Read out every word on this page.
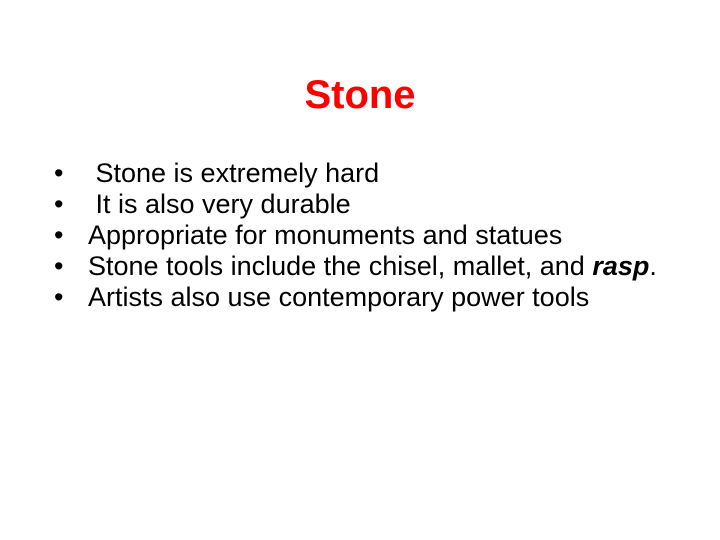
Stone
• Stone is extremely hard
• It is also very durable
• Appropriate for monuments and statues
• Stone tools include the chisel, mallet, and rasp.
• Artists also use contemporary power tools
